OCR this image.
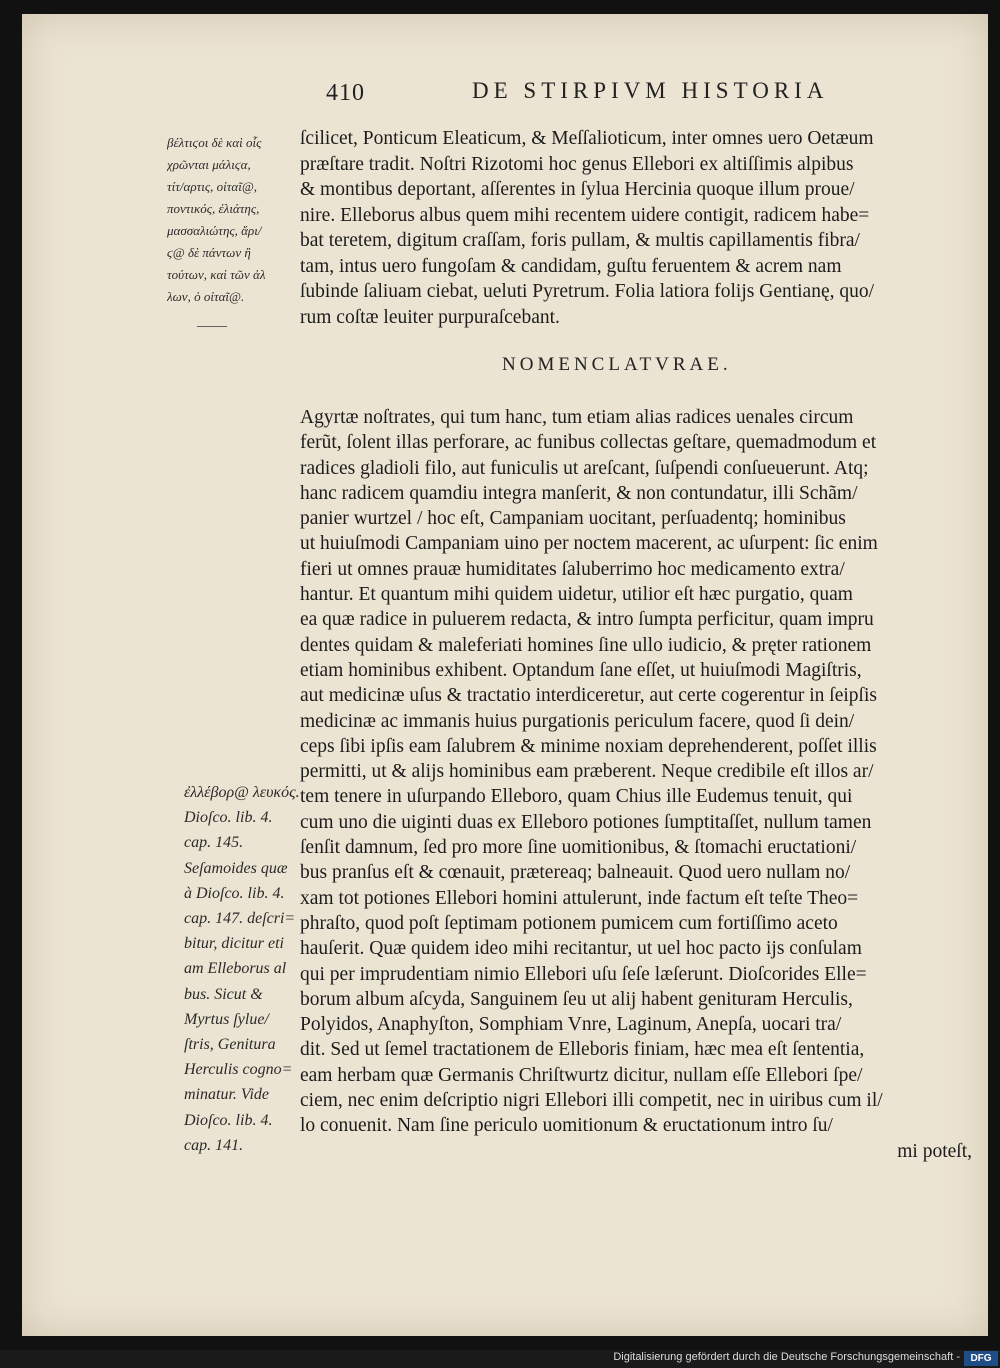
410	DE STIRPIVM HISTORIA
βέλτιϛοι δὲ καὶ οἷς
χρῶνται μάλιϛα,
τίτ/αρτις, οἰταῖ@,
ποντικός, ἐλιάτης,
μασσαλιώτης, ἄρι/
ϛ@ δὲ πάντων ἢ
τούτων, καὶ τῶν ἀλ
λων, ὁ οἰταῖ@.
ſcilicet, Ponticum Eleaticum, & Meſſalioticum, inter omnes uero Oetæum
præſtare tradit. Noſtri Rizotomi hoc genus Ellebori ex altiſſimis alpibus
& montibus deportant, aſſerentes in ſylua Hercinia quoque illum proue/
nire. Elleborus albus quem mihi recentem uidere contigit, radicem habe=
bat teretem, digitum craſſam, foris pullam, & multis capillamentis fibra/
tam, intus uero fungoſam & candidam, guſtu feruentem & acrem nam
ſubinde ſaliuam ciebat, ueluti Pyretrum. Folia latiora folijs Gentianę, quo/
rum coſtæ leuiter purpuraſcebant.
NOMENCLATVRAE.
Agyrtæ noſtrates, qui tum hanc, tum etiam alias radices uenales circum
ferũt, ſolent illas perforare, ac funibus collectas geſtare, quemadmodum et
radices gladioli filo, aut funiculis ut areſcant, ſuſpendi conſueuerunt. Atq;
hanc radicem quamdiu integra manſerit, & non contundatur, illi Schãm/
panier wurtzel / hoc eſt, Campaniam uocitant, perſuadentq; hominibus
ut huiuſmodi Campaniam uino per noctem macerent, ac uſurpent: ſic enim
fieri ut omnes prauæ humiditates ſaluberrimo hoc medicamento extra/
hantur. Et quantum mihi quidem uidetur, utilior eſt hæc purgatio, quam
ea quæ radice in puluerem redacta, & intro ſumpta perficitur, quam impru
dentes quidam & maleferiati homines ſine ullo iudicio, & pręter rationem
etiam hominibus exhibent. Optandum ſane eſſet, ut huiuſmodi Magiſtris,
aut medicinæ uſus & tractatio interdiceretur, aut certe cogerentur in ſeipſis
medicinæ ac immanis huius purgationis periculum facere, quod ſi dein/
ceps ſibi ipſis eam ſalubrem & minime noxiam deprehenderent, poſſet illis
permitti, ut & alijs hominibus eam præberent. Neque credibile eſt illos ar/
tem tenere in uſurpando Elleboro, quam Chius ille Eudemus tenuit, qui
cum uno die uiginti duas ex Elleboro potiones ſumptitaſſet, nullum tamen
ſenſit damnum, ſed pro more ſine uomitionibus, & ſtomachi eructationi/
bus pranſus eſt & cœnauit, prætereaq; balneauit. Quod uero nullam no/
xam tot potiones Ellebori homini attulerunt, inde factum eſt teſte Theo=
phraſto, quod poſt ſeptimam potionem pumicem cum fortiſſimo aceto
hauſerit. Quæ quidem ideo mihi recitantur, ut uel hoc pacto ijs conſulam
qui per imprudentiam nimio Ellebori uſu ſeſe læſerunt. Dioſcorides Elle=
borum album aſcyda, Sanguinem ſeu ut alij habent genituram Herculis,
Polyidos, Anaphyſton, Somphiam Vnre, Laginum, Anepſa, uocari tra/
dit. Sed ut ſemel tractationem de Elleboris finiam, hæc mea eſt ſententia,
eam herbam quæ Germanis Chriſtwurtz dicitur, nullam eſſe Ellebori ſpe/
ciem, nec enim deſcriptio nigri Ellebori illi competit, nec in uiribus cum il/
lo conuenit. Nam ſine periculo uomitionum & eructationum intro ſu/
mi poteſt,
ἐλλέβορ@ λευκός.
Dioſco. lib. 4.
cap. 145.
Seſamoides quæ
à Dioſco. lib. 4.
cap. 147. deſcri=
bitur, dicitur eti
am Elleborus al
bus. Sicut &
Myrtus ſylue/
ſtris, Genitura
Herculis cogno=
minatur. Vide
Dioſco. lib. 4.
cap. 141.
Digitalisierung gefördert durch die Deutsche Forschungsgemeinschaft -	DFG
